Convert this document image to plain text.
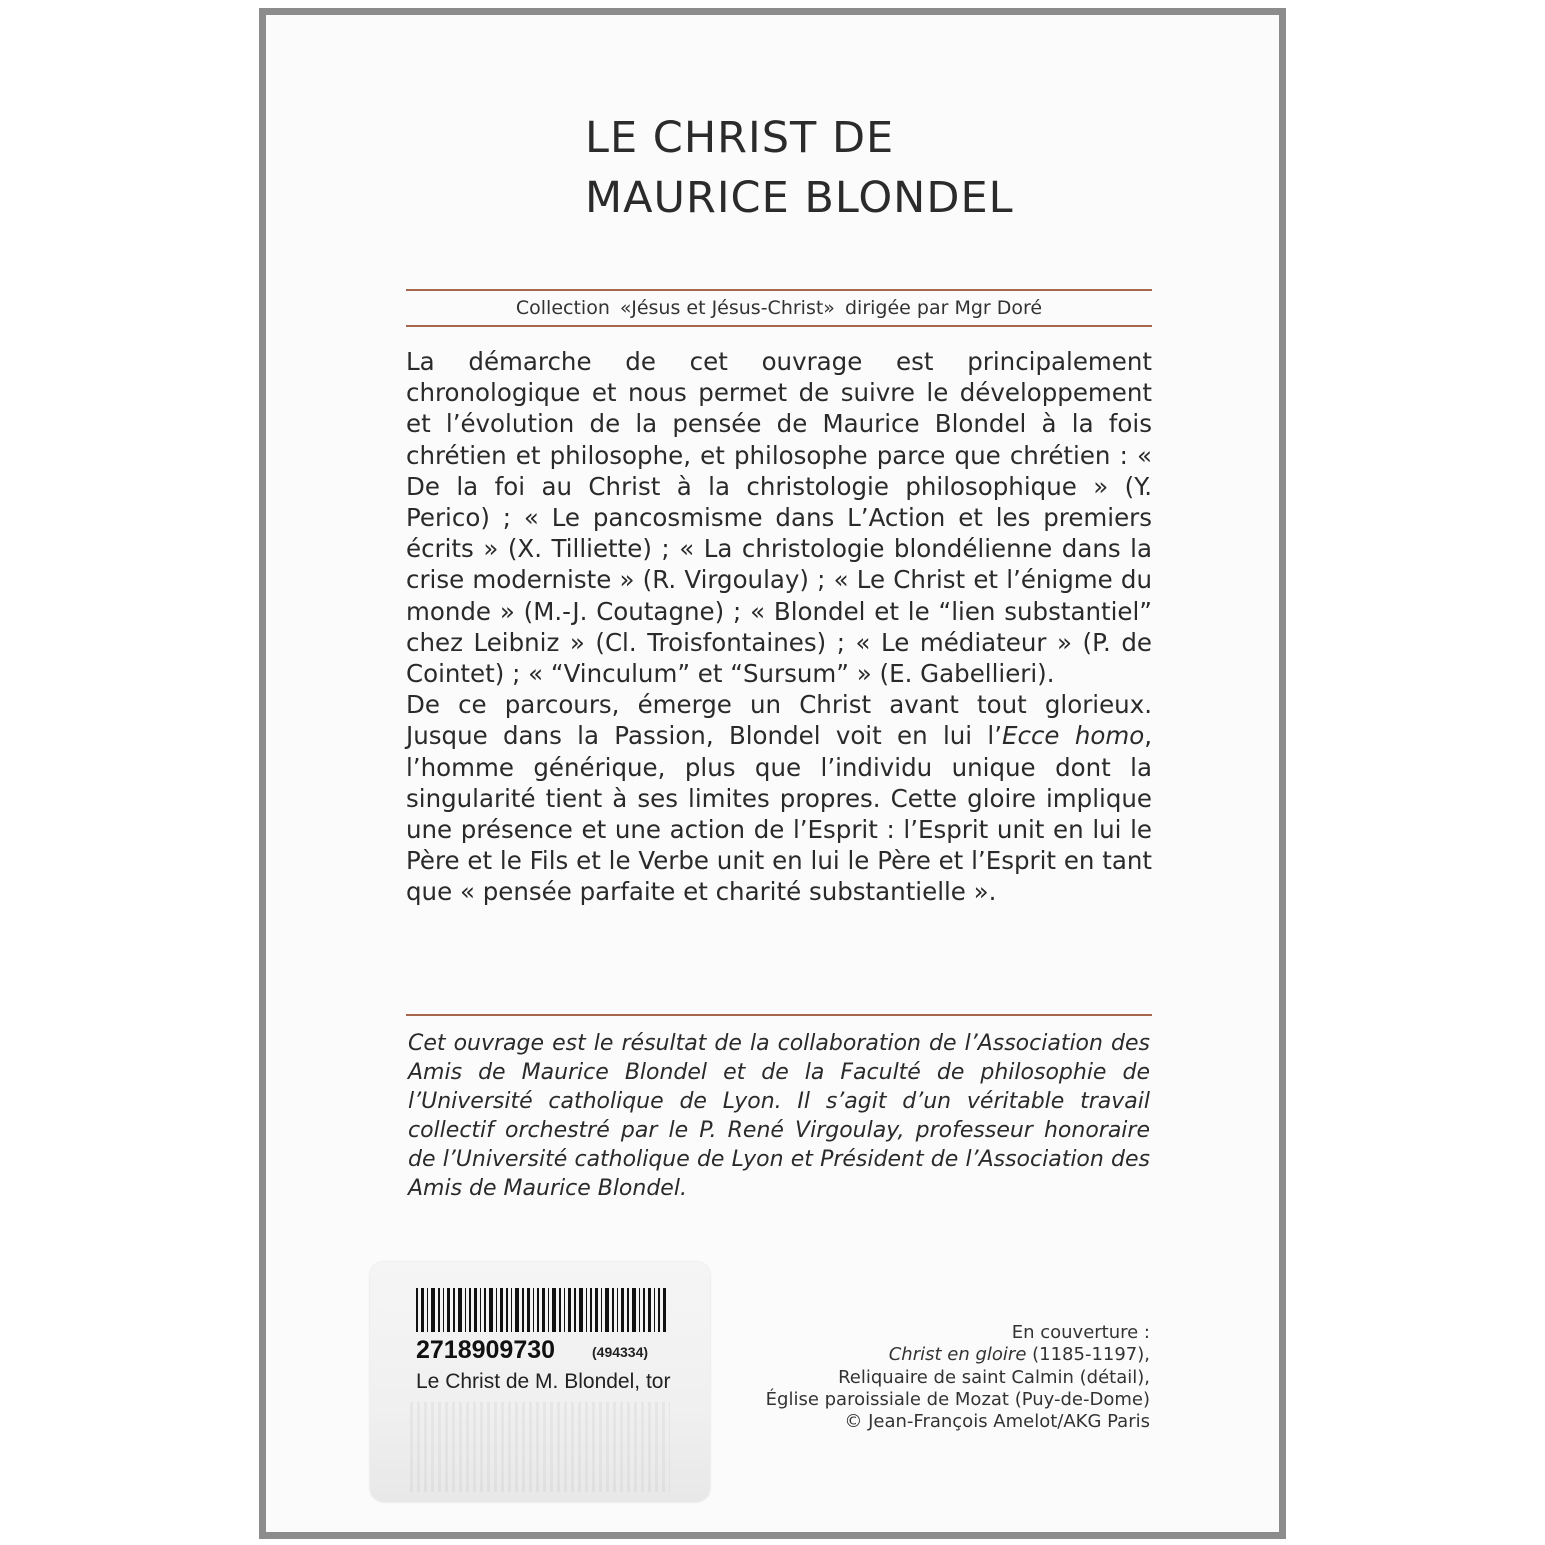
LE CHRIST DE
MAURICE BLONDEL
Collection «Jésus et Jésus-Christ» dirigée par Mgr Doré

La démarche de cet ouvrage est principalement chronologique et nous permet de suivre le développement et l’évolution de la pensée de Maurice Blondel à la fois chrétien et philosophe, et philosophe parce que chrétien : « De la foi au Christ à la christologie philosophique » (Y. Perico) ; « Le pancosmisme dans L’Action et les premiers écrits » (X. Tilliette) ; « La christologie blondélienne dans la crise moderniste » (R. Virgoulay) ; « Le Christ et l’énigme du monde » (M.-J. Coutagne) ; « Blondel et le “lien substantiel” chez Leibniz » (Cl. Troisfontaines) ; « Le médiateur » (P. de Cointet) ; « “Vinculum” et “Sursum” » (E. Gabellieri).

De ce parcours, émerge un Christ avant tout glorieux. Jusque dans la Passion, Blondel voit en lui l’Ecce homo, l’homme générique, plus que l’individu unique dont la singularité tient à ses limites propres. Cette gloire implique une présence et une action de l’Esprit : l’Esprit unit en lui le Père et le Fils et le Verbe unit en lui le Père et l’Esprit en tant que « pensée parfaite et charité substantielle ».

Cet ouvrage est le résultat de la collaboration de l’Association des Amis de Maurice Blondel et de la Faculté de philosophie de l’Université catholique de Lyon. Il s’agit d’un véritable travail collectif orchestré par le P. René Virgoulay, professeur honoraire de l’Université catholique de Lyon et Président de l’Association des Amis de Maurice Blondel.

2718909730	(494334)
Le Christ de M. Blondel, tor
En couverture :
Christ en gloire (1185-1197),
Reliquaire de saint Calmin (détail),
Église paroissiale de Mozat (Puy-de-Dome)
© Jean-François Amelot/AKG Paris
